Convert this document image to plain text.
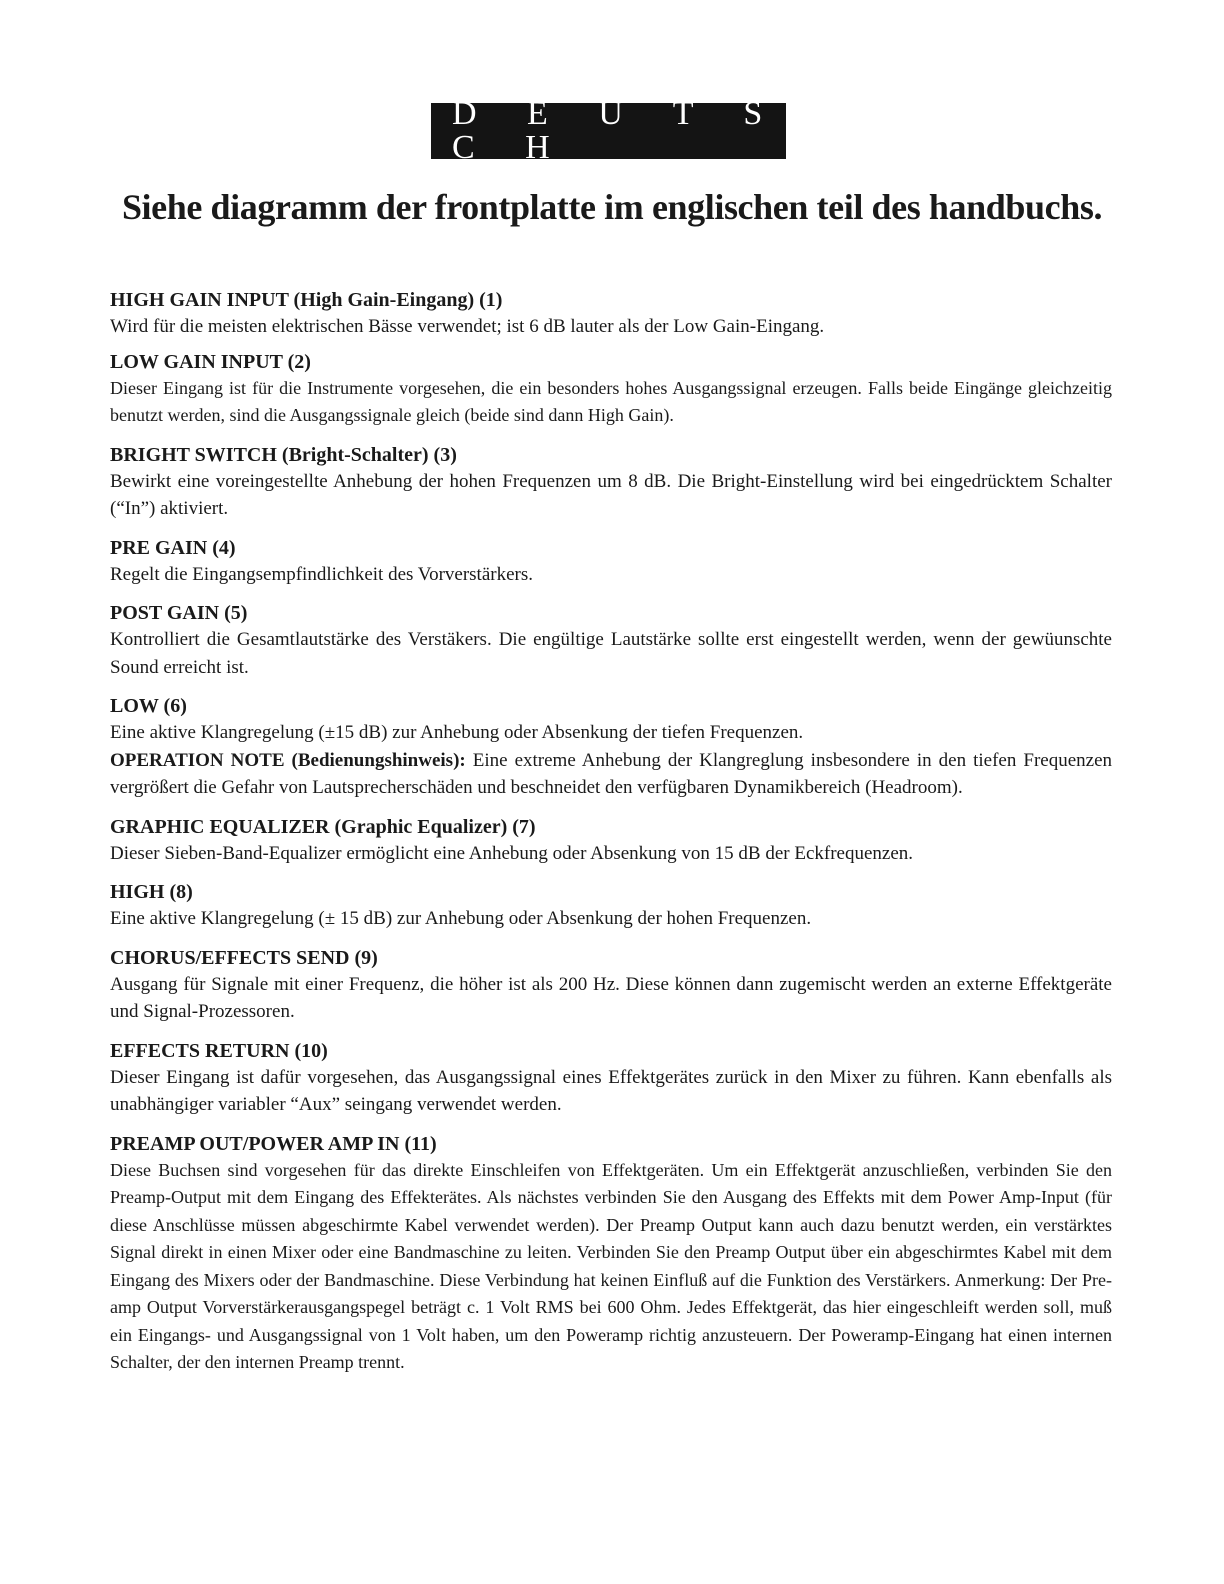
D E U T S C H
Siehe diagramm der frontplatte im englischen teil des handbuchs.
HIGH GAIN INPUT (High Gain-Eingang) (1)

Wird für die meisten elektrischen Bässe verwendet; ist 6 dB lauter als der Low Gain-Eingang.

LOW GAIN INPUT (2)

Dieser Eingang ist für die Instrumente vorgesehen, die ein besonders hohes Ausgangssignal erzeugen. Falls beide Eingänge gleichzeitig benutzt werden, sind die Ausgangssignale gleich (beide sind dann High Gain).

BRIGHT SWITCH (Bright-Schalter) (3)

Bewirkt eine voreingestellte Anhebung der hohen Frequenzen um 8 dB. Die Bright-Einstellung wird bei eingedrücktem Schalter (“In”) aktiviert.

PRE GAIN (4)

Regelt die Eingangsempfindlichkeit des Vorverstärkers.

POST GAIN (5)

Kontrolliert die Gesamtlautstärke des Verstäkers. Die engültige Lautstärke sollte erst eingestellt werden, wenn der gewüunschte Sound erreicht ist.

LOW (6)

Eine aktive Klangregelung (±15 dB) zur Anhebung oder Absenkung der tiefen Frequenzen.

OPERATION NOTE (Bedienungshinweis): Eine extreme Anhebung der Klangreglung insbesondere in den tiefen Frequenzen vergrößert die Gefahr von Lautsprecherschäden und beschneidet den verfügbaren Dynamikbereich (Headroom).

GRAPHIC EQUALIZER (Graphic Equalizer) (7)

Dieser Sieben-Band-Equalizer ermöglicht eine Anhebung oder Absenkung von 15 dB der Eckfrequenzen.

HIGH (8)

Eine aktive Klangregelung (± 15 dB) zur Anhebung oder Absenkung der hohen Frequenzen.

CHORUS/EFFECTS SEND (9)

Ausgang für Signale mit einer Frequenz, die höher ist als 200 Hz. Diese können dann zugemischt werden an externe Effektgeräte und Signal-Prozessoren.

EFFECTS RETURN (10)

Dieser Eingang ist dafür vorgesehen, das Ausgangssignal eines Effektgerätes zurück in den Mixer zu führen. Kann ebenfalls als unabhängiger variabler “Aux” seingang verwendet werden.

PREAMP OUT/POWER AMP IN (11)

Diese Buchsen sind vorgesehen für das direkte Einschleifen von Effektgeräten. Um ein Effektgerät anzuschließen, verbinden Sie den Preamp-Output mit dem Eingang des Effekterätes. Als nächstes verbinden Sie den Ausgang des Effekts mit dem Power Amp-Input (für diese Anschlüsse müssen abgeschirmte Kabel verwendet werden). Der Preamp Output kann auch dazu benutzt werden, ein verstärktes Signal direkt in einen Mixer oder eine Bandmaschine zu leiten. Verbinden Sie den Preamp Output über ein abgeschirmtes Kabel mit dem Eingang des Mixers oder der Bandmaschine. Diese Verbindung hat keinen Einfluß auf die Funktion des Verstärkers. Anmerkung: Der Pre-amp Output Vorverstärkerausgangspegel beträgt c. 1 Volt RMS bei 600 Ohm. Jedes Effektgerät, das hier eingeschleift werden soll, muß ein Eingangs- und Ausgangssignal von 1 Volt haben, um den Poweramp richtig anzusteuern. Der Poweramp-Eingang hat einen internen Schalter, der den internen Preamp trennt.
